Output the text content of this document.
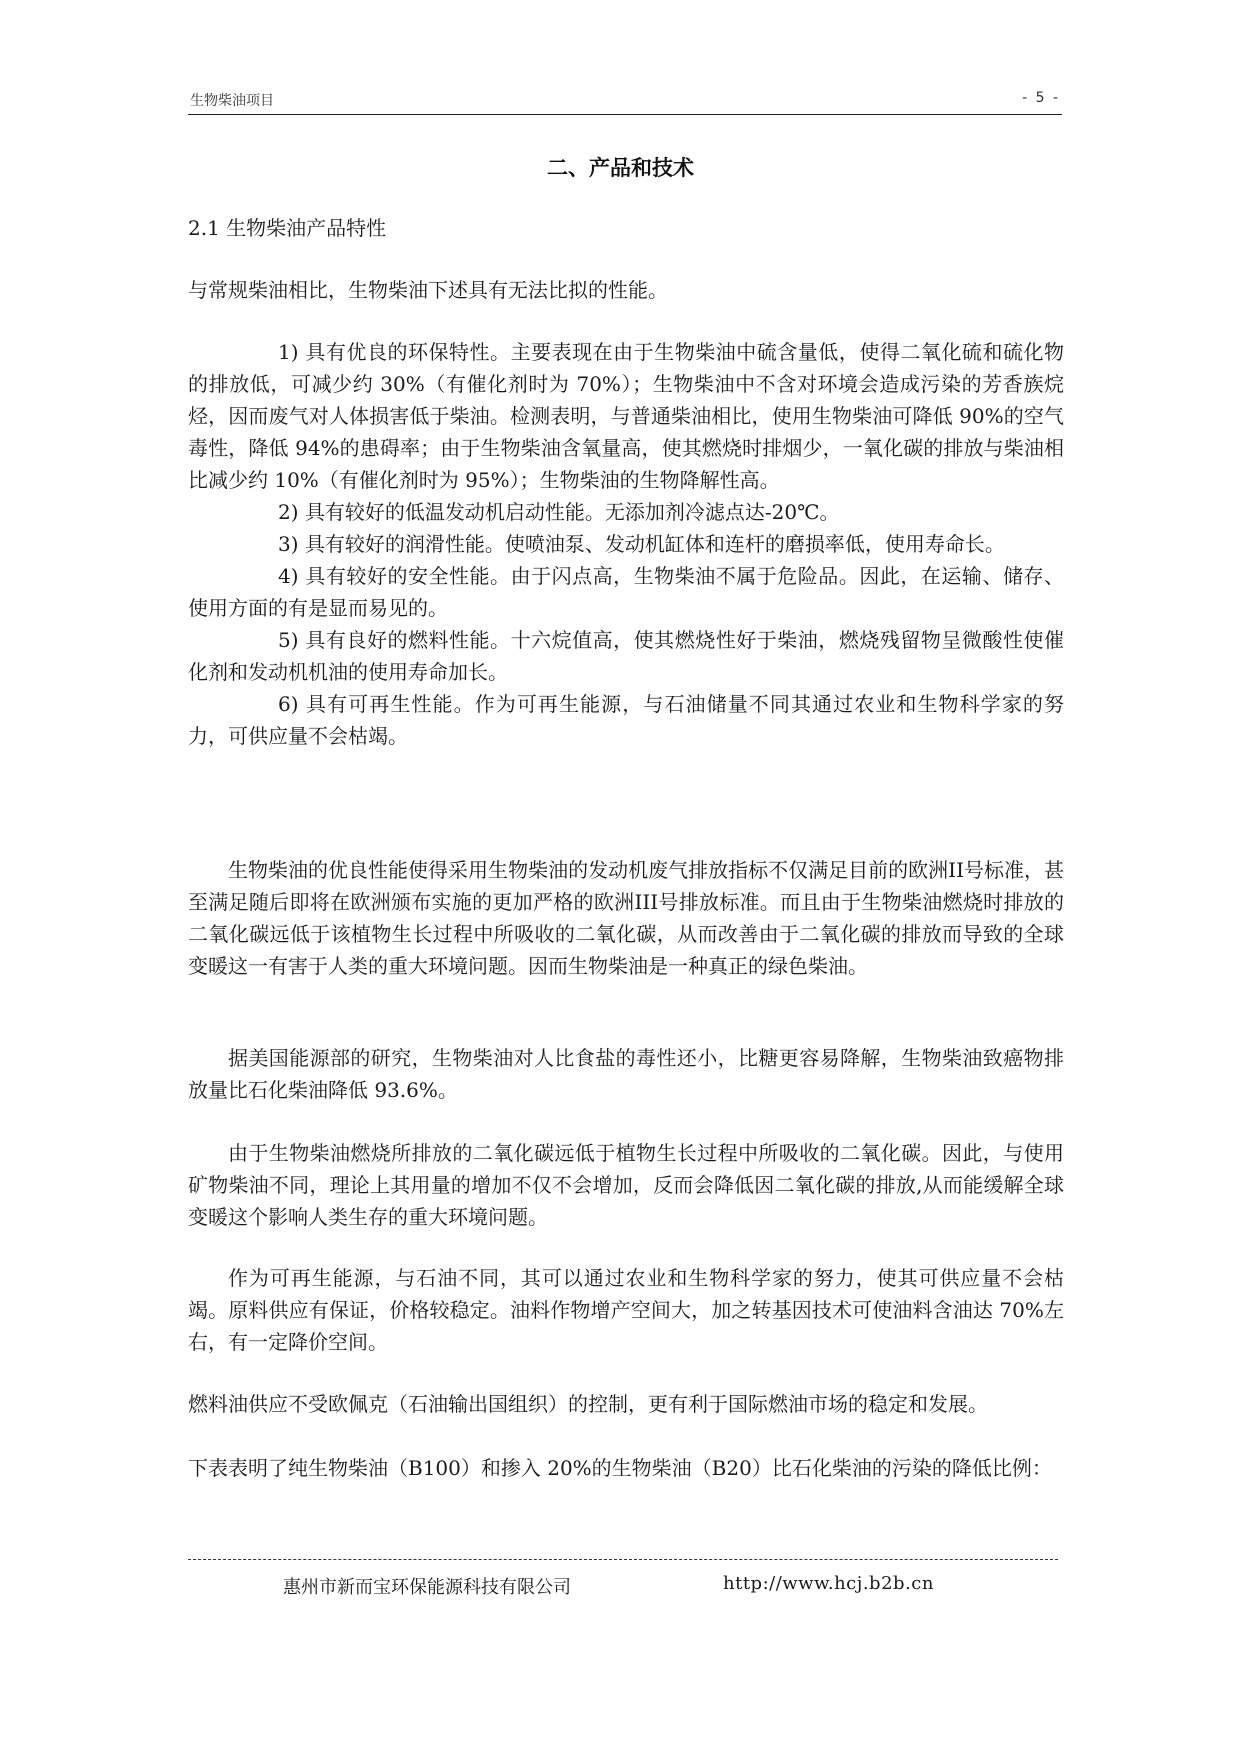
生物柴油项目	- 5 -
二、产品和技术
2.1 生物柴油产品特性
与常规柴油相比，生物柴油下述具有无法比拟的性能。

1) 具有优良的环保特性。主要表现在由于生物柴油中硫含量低，使得二氧化硫和硫化物的排放低，可减少约 30%（有催化剂时为 70%）；生物柴油中不含对环境会造成污染的芳香族烷烃，因而废气对人体损害低于柴油。检测表明，与普通柴油相比，使用生物柴油可降低 90%的空气毒性，降低 94%的患碍率；由于生物柴油含氧量高，使其燃烧时排烟少，一氧化碳的排放与柴油相比减少约 10%（有催化剂时为 95%）；生物柴油的生物降解性高。

2) 具有较好的低温发动机启动性能。无添加剂冷滤点达-20℃。

3) 具有较好的润滑性能。使喷油泵、发动机缸体和连杆的磨损率低，使用寿命长。

4) 具有较好的安全性能。由于闪点高，生物柴油不属于危险品。因此，在运输、储存、使用方面的有是显而易见的。

5) 具有良好的燃料性能。十六烷值高，使其燃烧性好于柴油，燃烧残留物呈微酸性使催化剂和发动机机油的使用寿命加长。

6) 具有可再生性能。作为可再生能源，与石油储量不同其通过农业和生物科学家的努力，可供应量不会枯竭。

生物柴油的优良性能使得采用生物柴油的发动机废气排放指标不仅满足目前的欧洲II号标准，甚至满足随后即将在欧洲颁布实施的更加严格的欧洲III号排放标准。而且由于生物柴油燃烧时排放的二氧化碳远低于该植物生长过程中所吸收的二氧化碳，从而改善由于二氧化碳的排放而导致的全球变暖这一有害于人类的重大环境问题。因而生物柴油是一种真正的绿色柴油。
据美国能源部的研究，生物柴油对人比食盐的毒性还小，比糖更容易降解，生物柴油致癌物排放量比石化柴油降低 93.6%。
由于生物柴油燃烧所排放的二氧化碳远低于植物生长过程中所吸收的二氧化碳。因此，与使用矿物柴油不同，理论上其用量的增加不仅不会增加，反而会降低因二氧化碳的排放,从而能缓解全球变暖这个影响人类生存的重大环境问题。
作为可再生能源，与石油不同，其可以通过农业和生物科学家的努力，使其可供应量不会枯竭。原料供应有保证，价格较稳定。油料作物增产空间大，加之转基因技术可使油料含油达 70%左右，有一定降价空间。
燃料油供应不受欧佩克（石油输出国组织）的控制，更有利于国际燃油市场的稳定和发展。
下表表明了纯生物柴油（B100）和掺入 20%的生物柴油（B20）比石化柴油的污染的降低比例：
惠州市新而宝环保能源科技有限公司	http://www.hcj.b2b.cn
